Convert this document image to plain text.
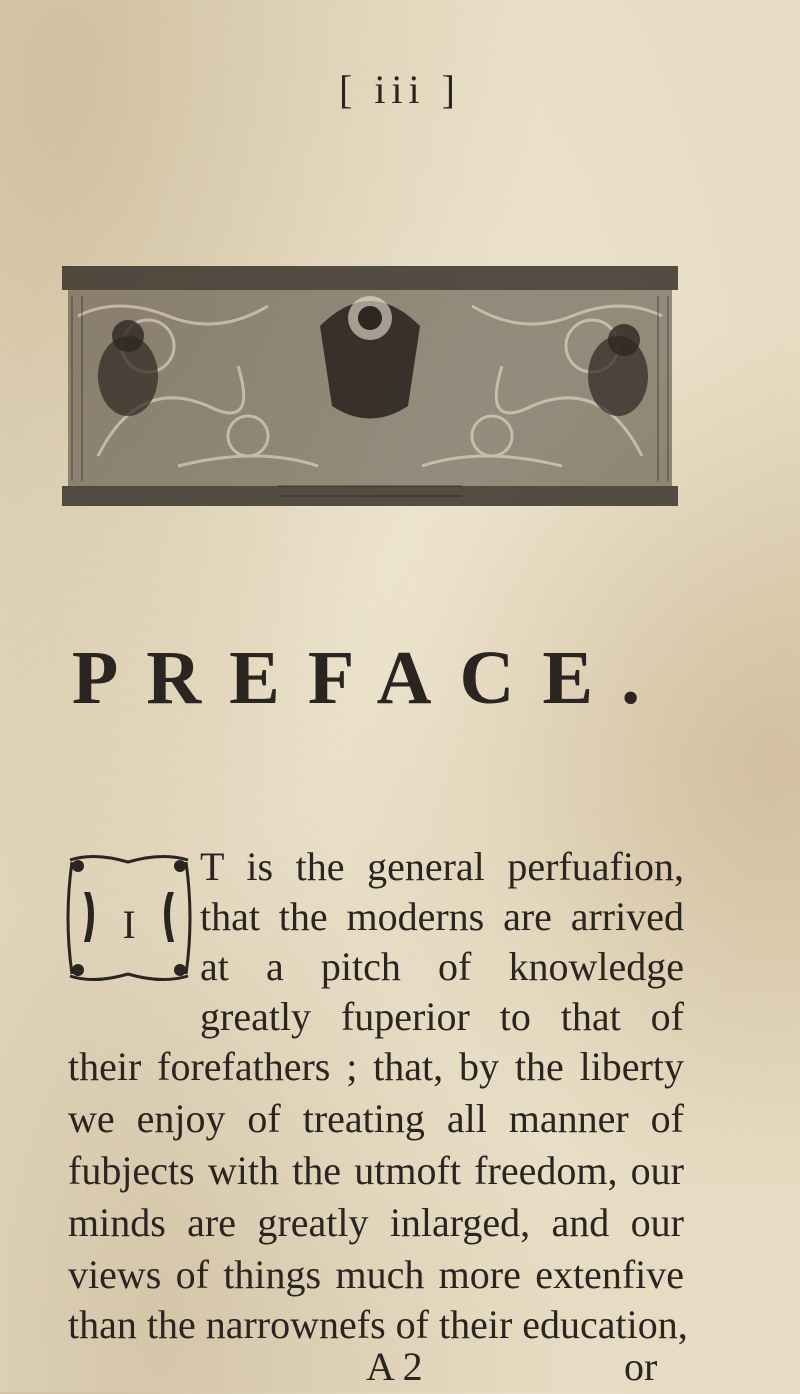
[ iii ]
PREFACE.
I
T is the general perfuafion,
that the moderns are arrived
at a pitch of knowledge
greatly fuperior to that of
their forefathers ; that, by the liberty
we enjoy of treating all manner of
fubjects with the utmoft freedom, our
minds are greatly inlarged, and our
views of things much more extenfive
than the narrownefs of their education,
A 2	or
